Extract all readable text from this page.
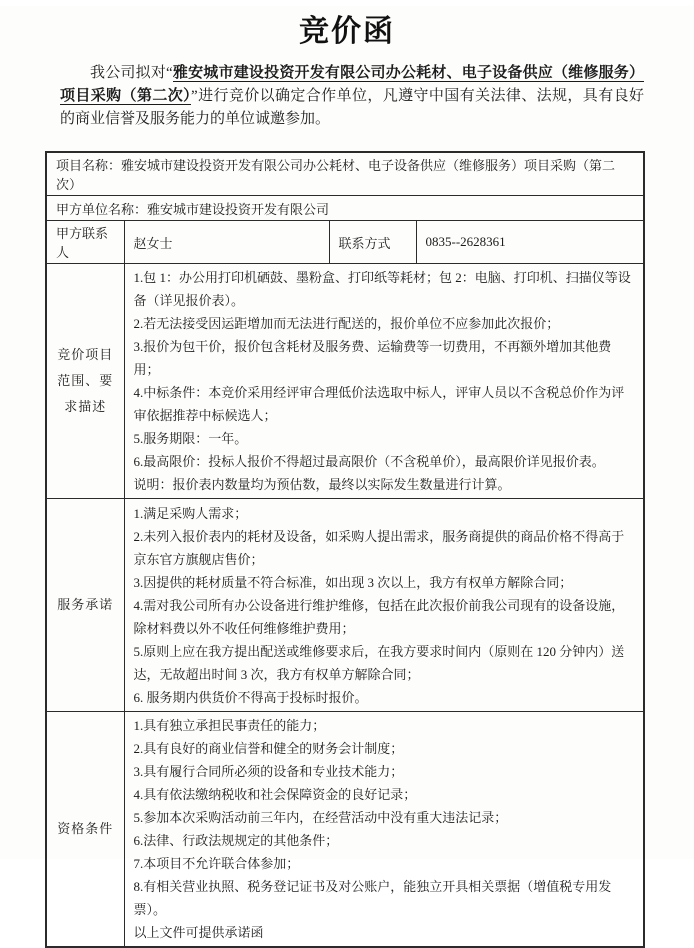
竞价函

我公司拟对“雅安城市建设投资开发有限公司办公耗材、电子设备供应（维修服务）项目采购（第二次）”进行竞价以确定合作单位，凡遵守中国有关法律、法规，具有良好的商业信誉及服务能力的单位诚邀参加。

项目名称：雅安城市建设投资开发有限公司办公耗材、电子设备供应（维修服务）项目采购（第二次）			
甲方单位名称：雅安城市建设投资开发有限公司			
甲方联系人	赵女士	联系方式	0835--2628361
竞价项目范围、要求描述	
1.包 1：办公用打印机硒鼓、墨粉盒、打印纸等耗材；包 2：电脑、打印机、扫描仪等设备（详见报价表）。
2.若无法接受因运距增加而无法进行配送的，报价单位不应参加此次报价；
3.报价为包干价，报价包含耗材及服务费、运输费等一切费用，不再额外增加其他费用；
4.中标条件：本竞价采用经评审合理低价法选取中标人，评审人员以不含税总价作为评审依据推荐中标候选人；
5.服务期限：一年。
6.最高限价：投标人报价不得超过最高限价（不含税单价），最高限价详见报价表。
说明：报价表内数量均为预估数，最终以实际发生数量进行计算。

服务承诺	
1.满足采购人需求；
2.未列入报价表内的耗材及设备，如采购人提出需求，服务商提供的商品价格不得高于京东官方旗舰店售价；
3.因提供的耗材质量不符合标准，如出现 3 次以上，我方有权单方解除合同；
4.需对我公司所有办公设备进行维护维修，包括在此次报价前我公司现有的设备设施，除材料费以外不收任何维修维护费用；
5.原则上应在我方提出配送或维修要求后，在我方要求时间内（原则在 120 分钟内）送达，无故超出时间 3 次，我方有权单方解除合同；
6. 服务期内供货价不得高于投标时报价。

资格条件	
1.具有独立承担民事责任的能力；
2.具有良好的商业信誉和健全的财务会计制度；
3.具有履行合同所必须的设备和专业技术能力；
4.具有依法缴纳税收和社会保障资金的良好记录；
5.参加本次采购活动前三年内，在经营活动中没有重大违法记录；
6.法律、行政法规规定的其他条件；
7.本项目不允许联合体参加；
8.有相关营业执照、税务登记证书及对公账户，能独立开具相关票据（增值税专用发票）。
以上文件可提供承诺函
